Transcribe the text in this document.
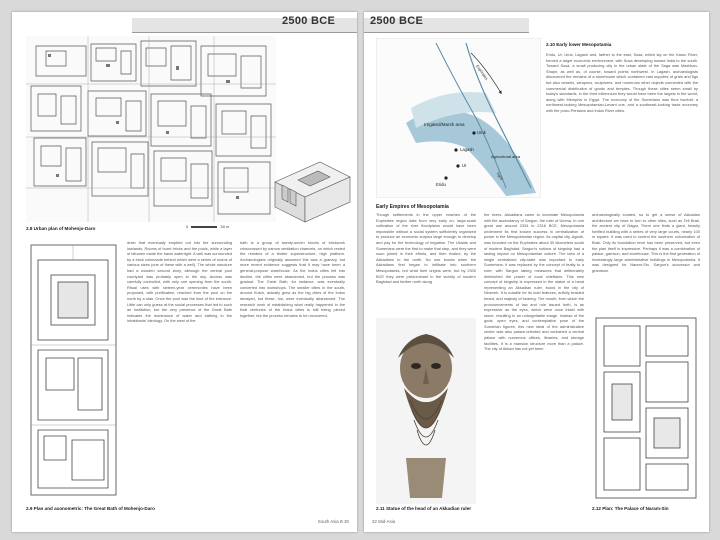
2500 BCE
0	50 m
2.8 Urban plan of Mohenjo-Daro
drain that eventually emptied out into the surrounding lowlands. Rooms of burnt bricks and the pools, while a layer of bitumen made the basin watertight. A well was surrounded by a brick colonnade behind which were a series of rooms of various sizes (one of these with a well). The whole structure had a wooden second story, although the central pool courtyard was probably open to the sky. Access was carefully controlled, with only one opening from the south. Ritual uses with sixteen-year ceremonies have been proposed, with purification, reached from the pool on the north by a stair. Once the pool was the kind of the entrance. Little can only guess at the social processes that led to such an institution, but the very presence of the Great Bath indicates the dominance of water and bathing in the inhabitants' ideology. On the west of the
bath is a group of twenty-seven blocks of brickwork crisscrossed by narrow ventilation channels, on which rested the remains of a timber superstructure, high platform. Archaeologists originally assumed this was a granary, but more recent evidence suggests that it may have been a general-purpose warehouse. As the Indus cities fell into decline, the cities were abandoned, but the process was gradual. The Great Bath, for instance, was eventually converted into workshops. The smaller cities in the south, around Kutch, actually grew as the big cities of the Indus decayed, but these, too, were eventually abandoned. The research work of establishing what really happened in the final centuries of the Indus cities is still being pieced together, but the process remains to be uncovered.
2.9 Plan and axonometric: The Great Bath of Mohenjo-Daro
South Asia B 30
2500 BCE
Irrigated/Marsh area
Uruk
Lagash
Ur
Eridu
Agricultural area
Euphrates
Tigris
2.10 Early lower Mesopotamia
Eridu, Ur, Uruk, Lagash and, farther to the east, Susa, which lay on the Karun River, formed a larger economic environment, with Susa developing toward India to the south. Toward Susa, a small producing city in the urban state of the Saga was Mashkan-Shapir, as well as, of course, toward points northwest. In Lagash, archaeologists discovered the remains of a storehouse which contained vast supplies of grain and figs but also vessels, weapons, sculptures, and numerous other objects connected with the commercial distribution of goods and temples. Though these cities seem small by today's standards, in the third millennium they would have been the largest in the world, along with Memphis in Egypt. The economy of the Sumerians was thus twofold: a northwest-looking Mesopotamian-Levant one, and a southeast-looking trade economy with the proto-Persians and Indus River cities.
Early Empires of Mesopotamia
Though settlements in the upper reaches of the Euphrates region date from very early on, large-scale cultivation of the river floodplains would have been impossible without a social system sufficiently organized to produce an economic surplus large enough to develop and pay for the technology of irrigation. The Ubaids and Sumerians were the first to make that step, and they were soon joined in their efforts, and then rivaled, by the Akkadians to the north. No one knows when the Akkadians first began to infiltrate into southern Mesopotamia, but what their origins were, but by 2300 BCE they were predominant in the vicinity of modern Baghdad and farther north along
the rivers. Akkadians came to dominate Mesopotamia with the ascendancy of Sargon, the ruler of Umma. In one great war around 2334 to 2316 BCE, Mesopotamia underwent its first known success in centralization of power in the Mesopotamian region. Its capital city, Agade, was founded on the Euphrates about 30 kilometers south of modern Baghdad. Sargon's notions of kingship had a lasting impact on Mesopotamian culture. The idea of a single centralized city-state was important to early Sumerians; it was replaced by the concept of fealty to a ruler, with Sargon taking measures that deliberately diminished the power of local chieftains. This new concept of kingship is expressed in the statue of a head representing an Akkadian ruler, found in the city of Nineveh. It is notable for its bold features, artfully braided beard, and majesty of bearing. The mouth, from which the pronouncements of law and rule issued forth, is as expressive as the eyes, which were once inlaid with stone, resulting in an unforgettable image. Instead of the gods, open eyes, and contemplative pose of the Sumerian figures, this new ideal of the administrative center was also palace-oriented and contained a central palace with numerous offices, libraries, and storage facilities. It is a mansion structure more than a palace. The city of Akkad has not yet been
archaeologically located, so to get a sense of Akkadian architecture we have to turn to other sites, such as Tell Brak, the ancient city of Nagar. There one finds a giant, heavily fortified building with a series of very large courts, nearly 100 m square. It was used to control the southern colonization of Brak. Only its foundation level has been preserved, but even the plan itself is impressive. Perhaps it was a combination of palace, garrison, and storehouse. This is the first generation of increasingly large administrative buildings in Mesopotamia. It was designed for Naram-Sin, Sargon's successor and grandson.
2.11 Statue of the head of an Akkadian ruler	2.12 Plan: The Palace of Naram-Sin
32 Mid-Asia
